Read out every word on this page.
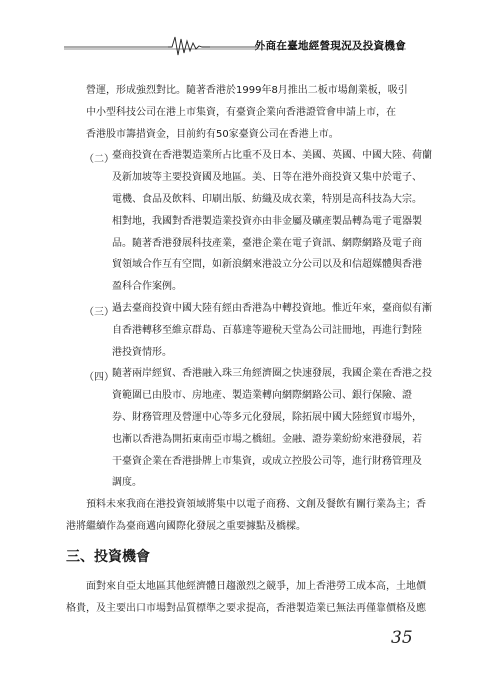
外商在臺地經營現況及投資機會
營運，形成強烈對比。隨著香港於1999年8月推出二板市場創業板，吸引
中小型科技公司在港上市集資，有臺資企業向香港證管會申請上市，在
香港股市籌措資金，目前約有50家臺資公司在香港上市。
（二）
臺商投資在香港製造業所占比重不及日本、美國、英國、中國大陸、荷蘭
及新加坡等主要投資國及地區。美、日等在港外商投資又集中於電子、
電機、食品及飲料、印刷出版、紡織及成衣業，特別是高科技為大宗。
相對地，我國對香港製造業投資亦由非金屬及礦產製品轉為電子電器製
品。隨著香港發展科技產業，臺港企業在電子資訊、網際網路及電子商
貿領域合作互有空間，如新浪網來港設立分公司以及和信超媒體與香港
盈科合作案例。
（三）
過去臺商投資中國大陸有經由香港為中轉投資地。惟近年來，臺商似有漸
自香港轉移至維京群島、百慕達等避稅天堂為公司註冊地，再進行對陸
港投資情形。
（四）
隨著兩岸經貿、香港融入珠三角經濟圈之快速發展，我國企業在香港之投
資範圍已由股市、房地產、製造業轉向網際網路公司、銀行保險、證
券、財務管理及營運中心等多元化發展，除拓展中國大陸經貿市場外，
也漸以香港為開拓東南亞市場之橋紐。金融、證券業紛紛來港發展，若
干臺資企業在香港掛牌上市集資，或成立控股公司等，進行財務管理及
調度。
預料未來我商在港投資領域將集中以電子商務、文創及餐飲有關行業為主；香
港將繼續作為臺商邁向國際化發展之重要據點及橋樑。
三、投資機會
面對來自亞太地區其他經濟體日趨激烈之競爭，加上香港勞工成本高，土地價
格貴，及主要出口市場對品質標準之要求提高，香港製造業已無法再僅靠價格及應
35
